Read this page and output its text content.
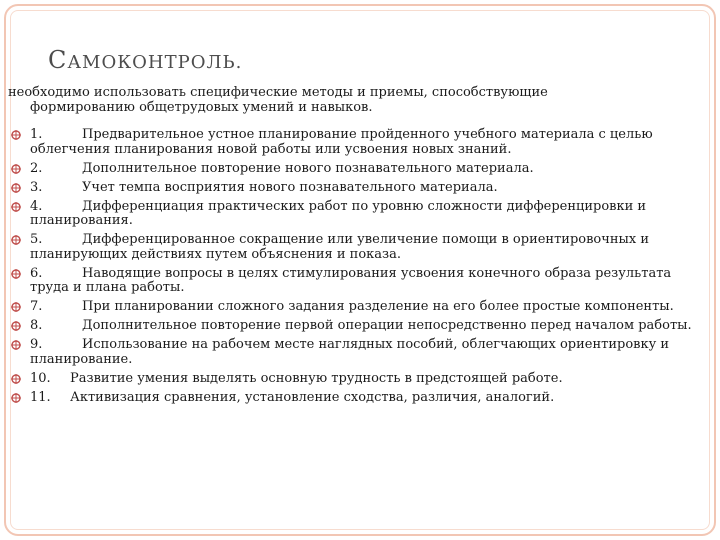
САМОКОНТРОЛЬ.

необходимо использовать специфические методы и приемы, способствующие
формированию общетрудовых умений и навыков.

1.	Предварительное устное планирование пройденного учебного материала с целью облегчения планирования новой работы или усвоения новых знаний.
2.	Дополнительное повторение нового познавательного материала.
3.	Учет темпа восприятия нового познавательного материала.
4.	Дифференциация практических работ по уровню сложности дифференцировки и планирования.
5.	Дифференцированное сокращение или увеличение помощи в ориентировочных и планирующих действиях путем объяснения и показа.
6.	Наводящие вопросы в целях стимулирования усвоения конечного образа результата труда и плана работы.
7.	При планировании сложного задания разделение на его более простые компоненты.
8.	Дополнительное повторение первой операции непосредственно перед началом работы.
9.	Использование на рабочем месте наглядных пособий, облегчающих ориентировку и планирование.
10. Развитие умения выделять основную трудность в предстоящей работе.
11. Активизация сравнения, установление сходства, различия, аналогий.
